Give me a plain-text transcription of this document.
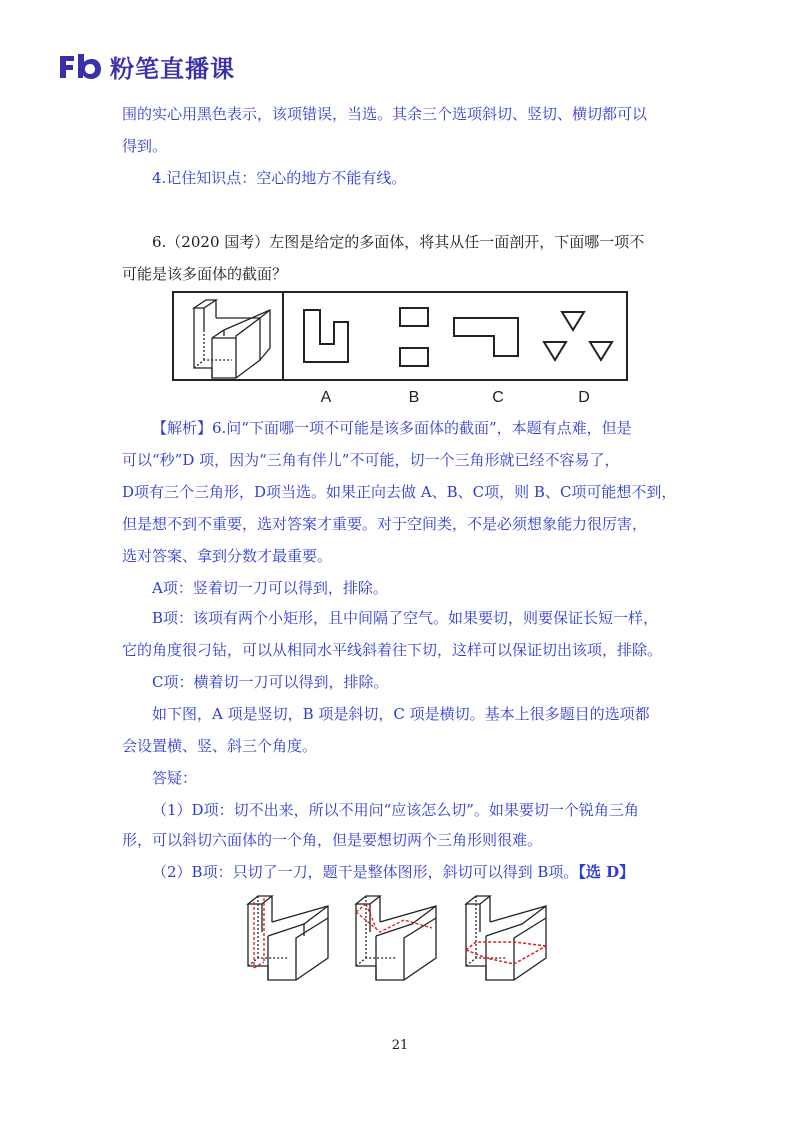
粉笔直播课
围的实心用黑色表示，该项错误，当选。其余三个选项斜切、竖切、横切都可以
得到。
4.记住知识点：空心的地方不能有线。
6.（2020 国考）左图是给定的多面体，将其从任一面剖开，下面哪一项不
可能是该多面体的截面？
A	B	C	D
【解析】6.问“下面哪一项不可能是该多面体的截面”，本题有点难，但是
可以“秒”D 项，因为“三角有伴儿”不可能，切一个三角形就已经不容易了，
D项有三个三角形，D项当选。如果正向去做 A、B、C项，则 B、C项可能想不到，
但是想不到不重要，选对答案才重要。对于空间类，不是必须想象能力很厉害，
选对答案、拿到分数才最重要。
A项：竖着切一刀可以得到，排除。
B项：该项有两个小矩形，且中间隔了空气。如果要切，则要保证长短一样，
它的角度很刁钻，可以从相同水平线斜着往下切，这样可以保证切出该项，排除。
C项：横着切一刀可以得到，排除。
如下图，A 项是竖切，B 项是斜切，C 项是横切。基本上很多题目的选项都
会设置横、竖、斜三个角度。
答疑：
（1）D项：切不出来，所以不用问“应该怎么切”。如果要切一个锐角三角
形，可以斜切六面体的一个角，但是要想切两个三角形则很难。
（2）B项：只切了一刀，题干是整体图形，斜切可以得到 B项。【选 D】
21
